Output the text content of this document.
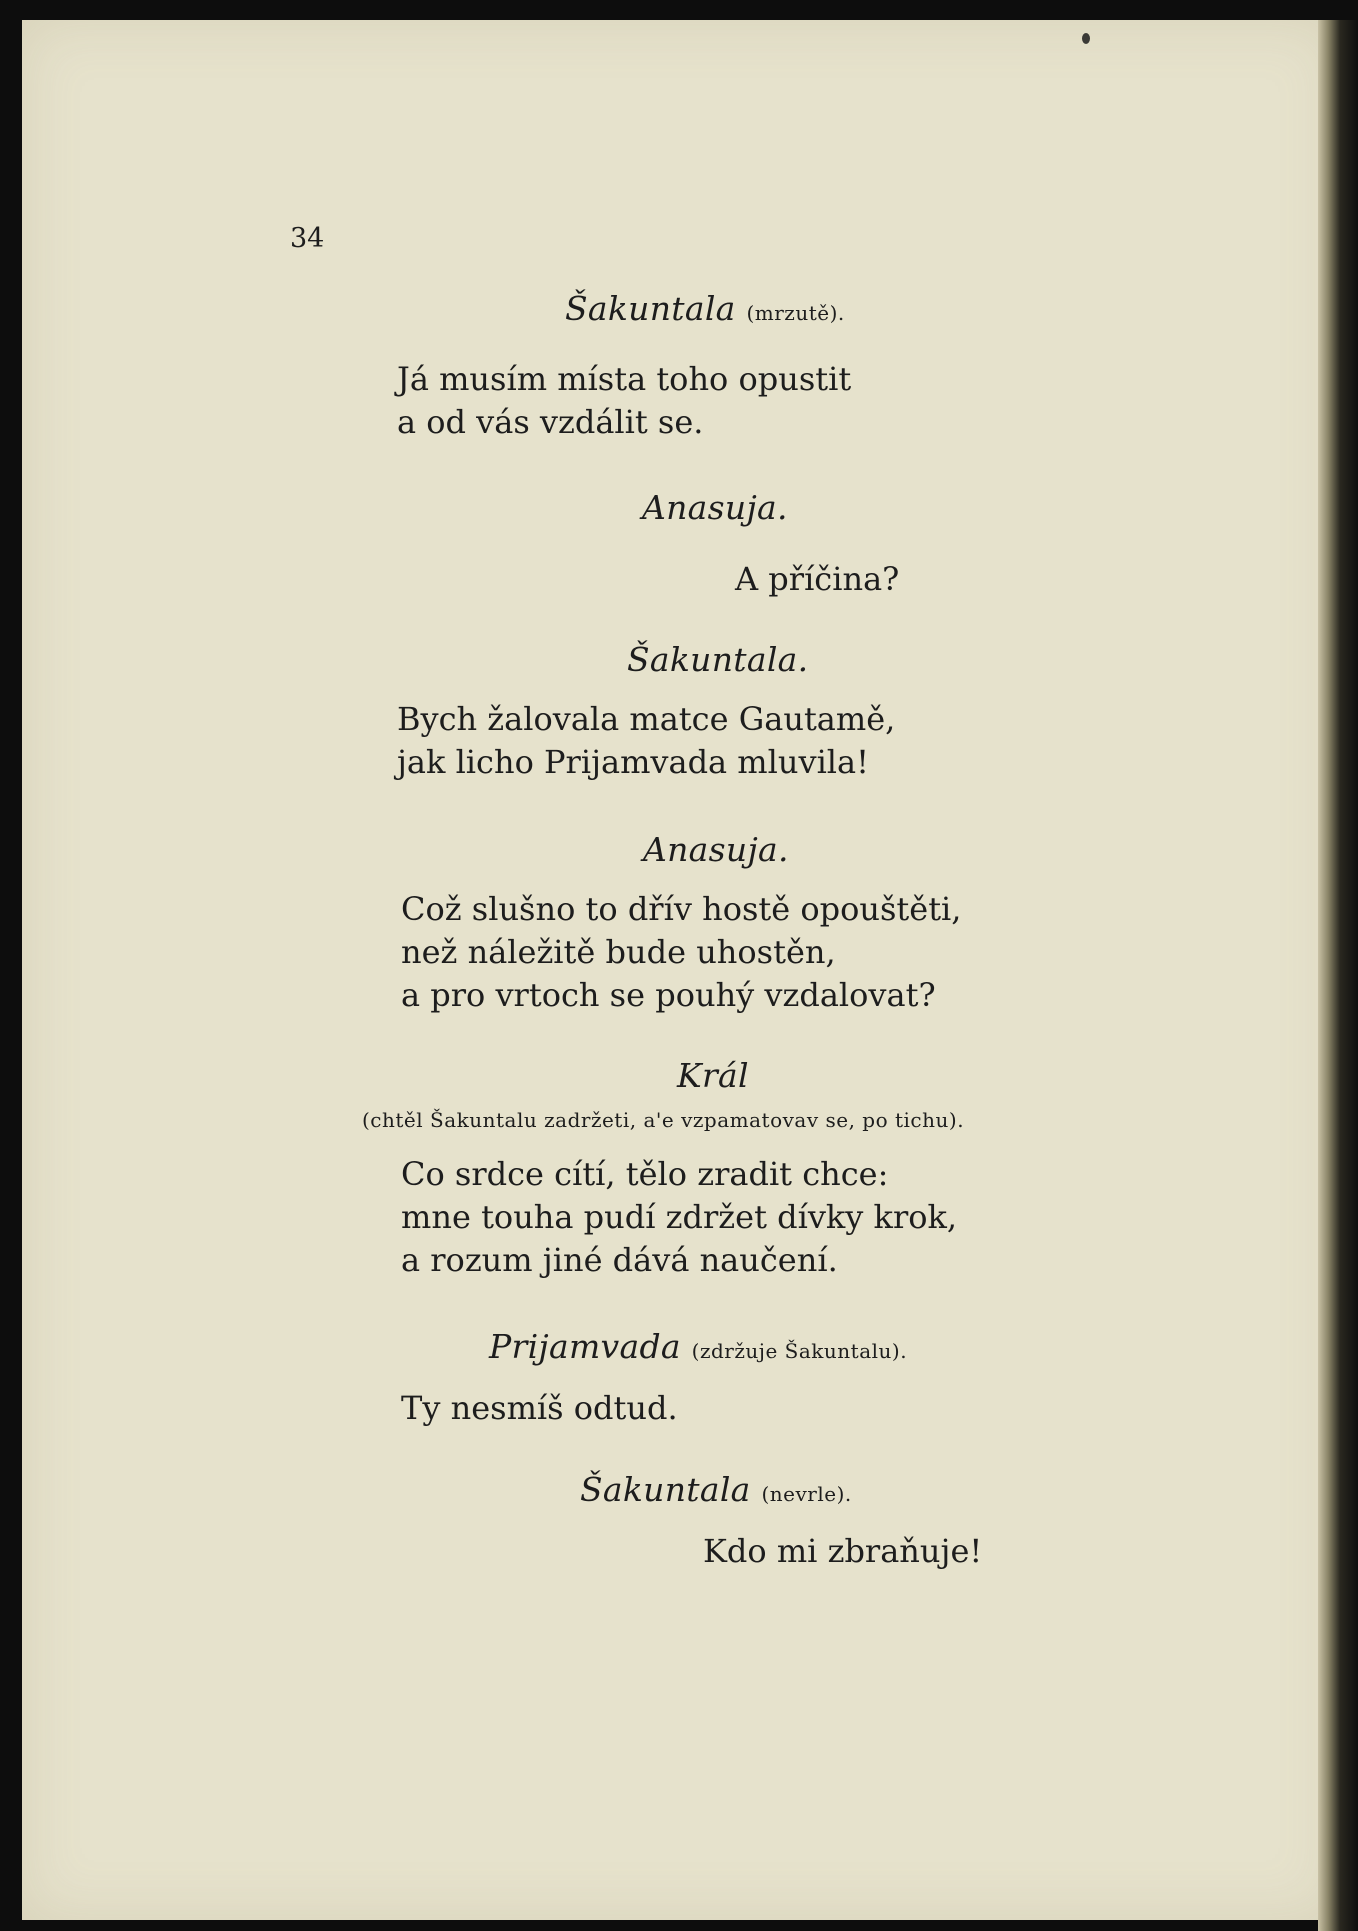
34
Šakuntala (mrzutě).
Já musím místa toho opustit
a od vás vzdálit se.
Anasuja.
A příčina?
Šakuntala.
Bych žalovala matce Gautamě,
jak licho Prijamvada mluvila!
Anasuja.
Což slušno to dřív hostě opouštěti,
než náležitě bude uhostěn,
a pro vrtoch se pouhý vzdalovat?
Král
(chtěl Šakuntalu zadržeti, a'e vzpamatovav se, po tichu).
Co srdce cítí, tělo zradit chce:
mne touha pudí zdržet dívky krok,
a rozum jiné dává naučení.
Prijamvada (zdržuje Šakuntalu).
Ty nesmíš odtud.
Šakuntala (nevrle).
Kdo mi zbraňuje!
